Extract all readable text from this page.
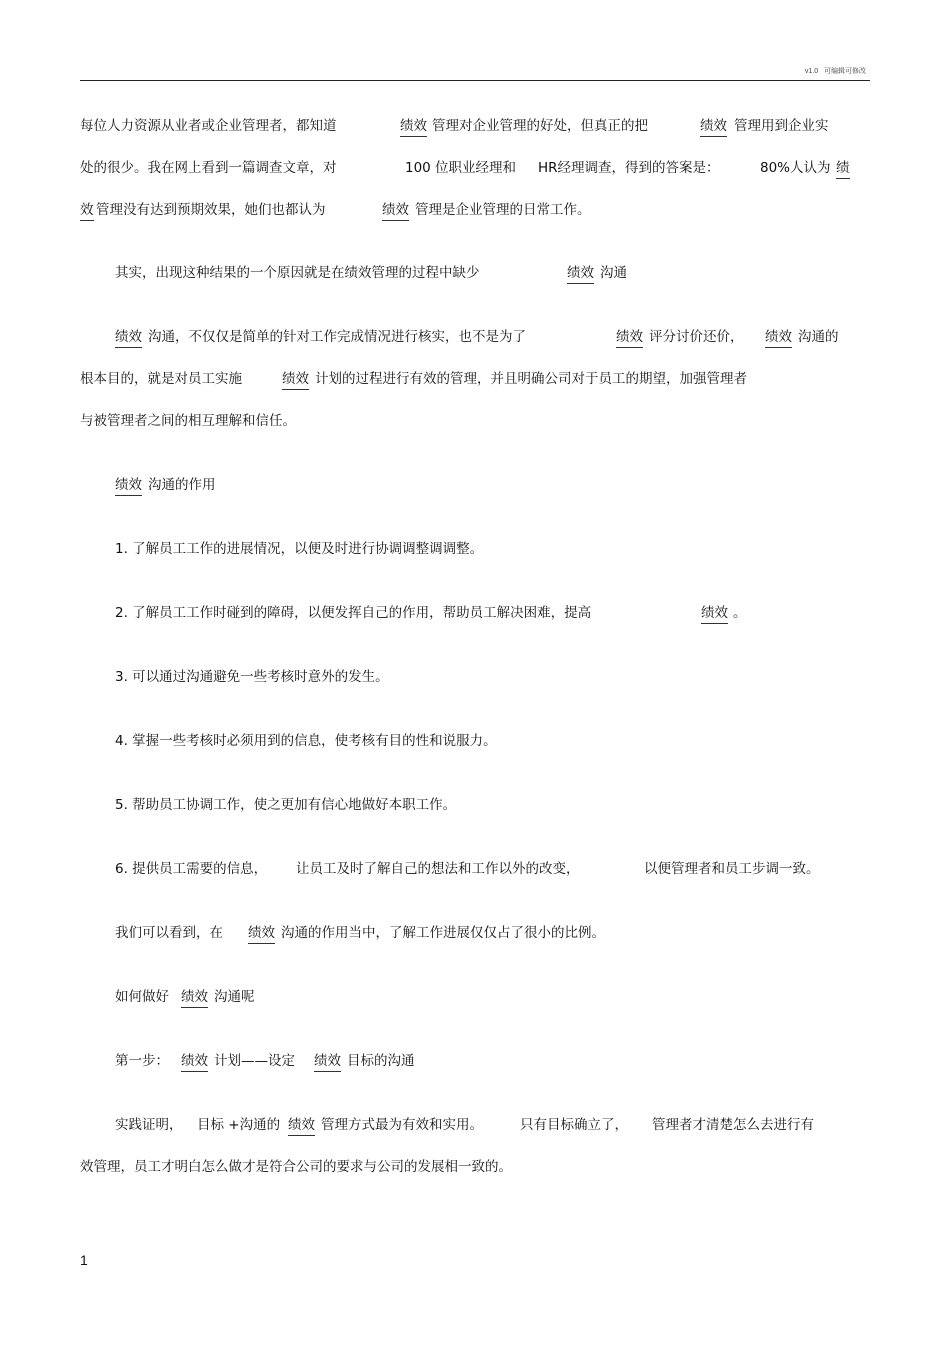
v1.0 可编辑可修改
每位人力资源从业者或企业管理者，都知道	绩效 管理对企业管理的好处，但真正的把	绩效 管理用到企业实
处的很少。我在网上看到一篇调查文章，对	100 位职业经理和 HR经理调查，得到的答案是：	80%人认为 绩
效 管理没有达到预期效果，她们也都认为	绩效 管理是企业管理的日常工作。
其实，出现这种结果的一个原因就是在绩效管理的过程中缺少	绩效 沟通
绩效 沟通，不仅仅是简单的针对工作完成情况进行核实，也不是为了	绩效 评分讨价还价， 绩效 沟通的
根本目的，就是对员工实施	绩效 计划的过程进行有效的管理，并且明确公司对于员工的期望，加强管理者
与被管理者之间的相互理解和信任。
绩效 沟通的作用
1. 了解员工工作的进展情况，以便及时进行协调调整调调整。
2. 了解员工工作时碰到的障碍，以便发挥自己的作用，帮助员工解决困难，提高	绩效 。
3. 可以通过沟通避免一些考核时意外的发生。
4. 掌握一些考核时必须用到的信息，使考核有目的性和说服力。
5. 帮助员工协调工作，使之更加有信心地做好本职工作。
6. 提供员工需要的信息， 让员工及时了解自己的想法和工作以外的改变，	以便管理者和员工步调一致。
我们可以看到，在 绩效 沟通的作用当中，了解工作进展仅仅占了很小的比例。
如何做好 绩效 沟通呢
第一步： 绩效 计划——设定 绩效 目标的沟通
实践证明， 目标 +沟通的 绩效 管理方式最为有效和实用。	只有目标确立了， 管理者才清楚怎么去进行有
效管理，员工才明白怎么做才是符合公司的要求与公司的发展相一致的。
1
